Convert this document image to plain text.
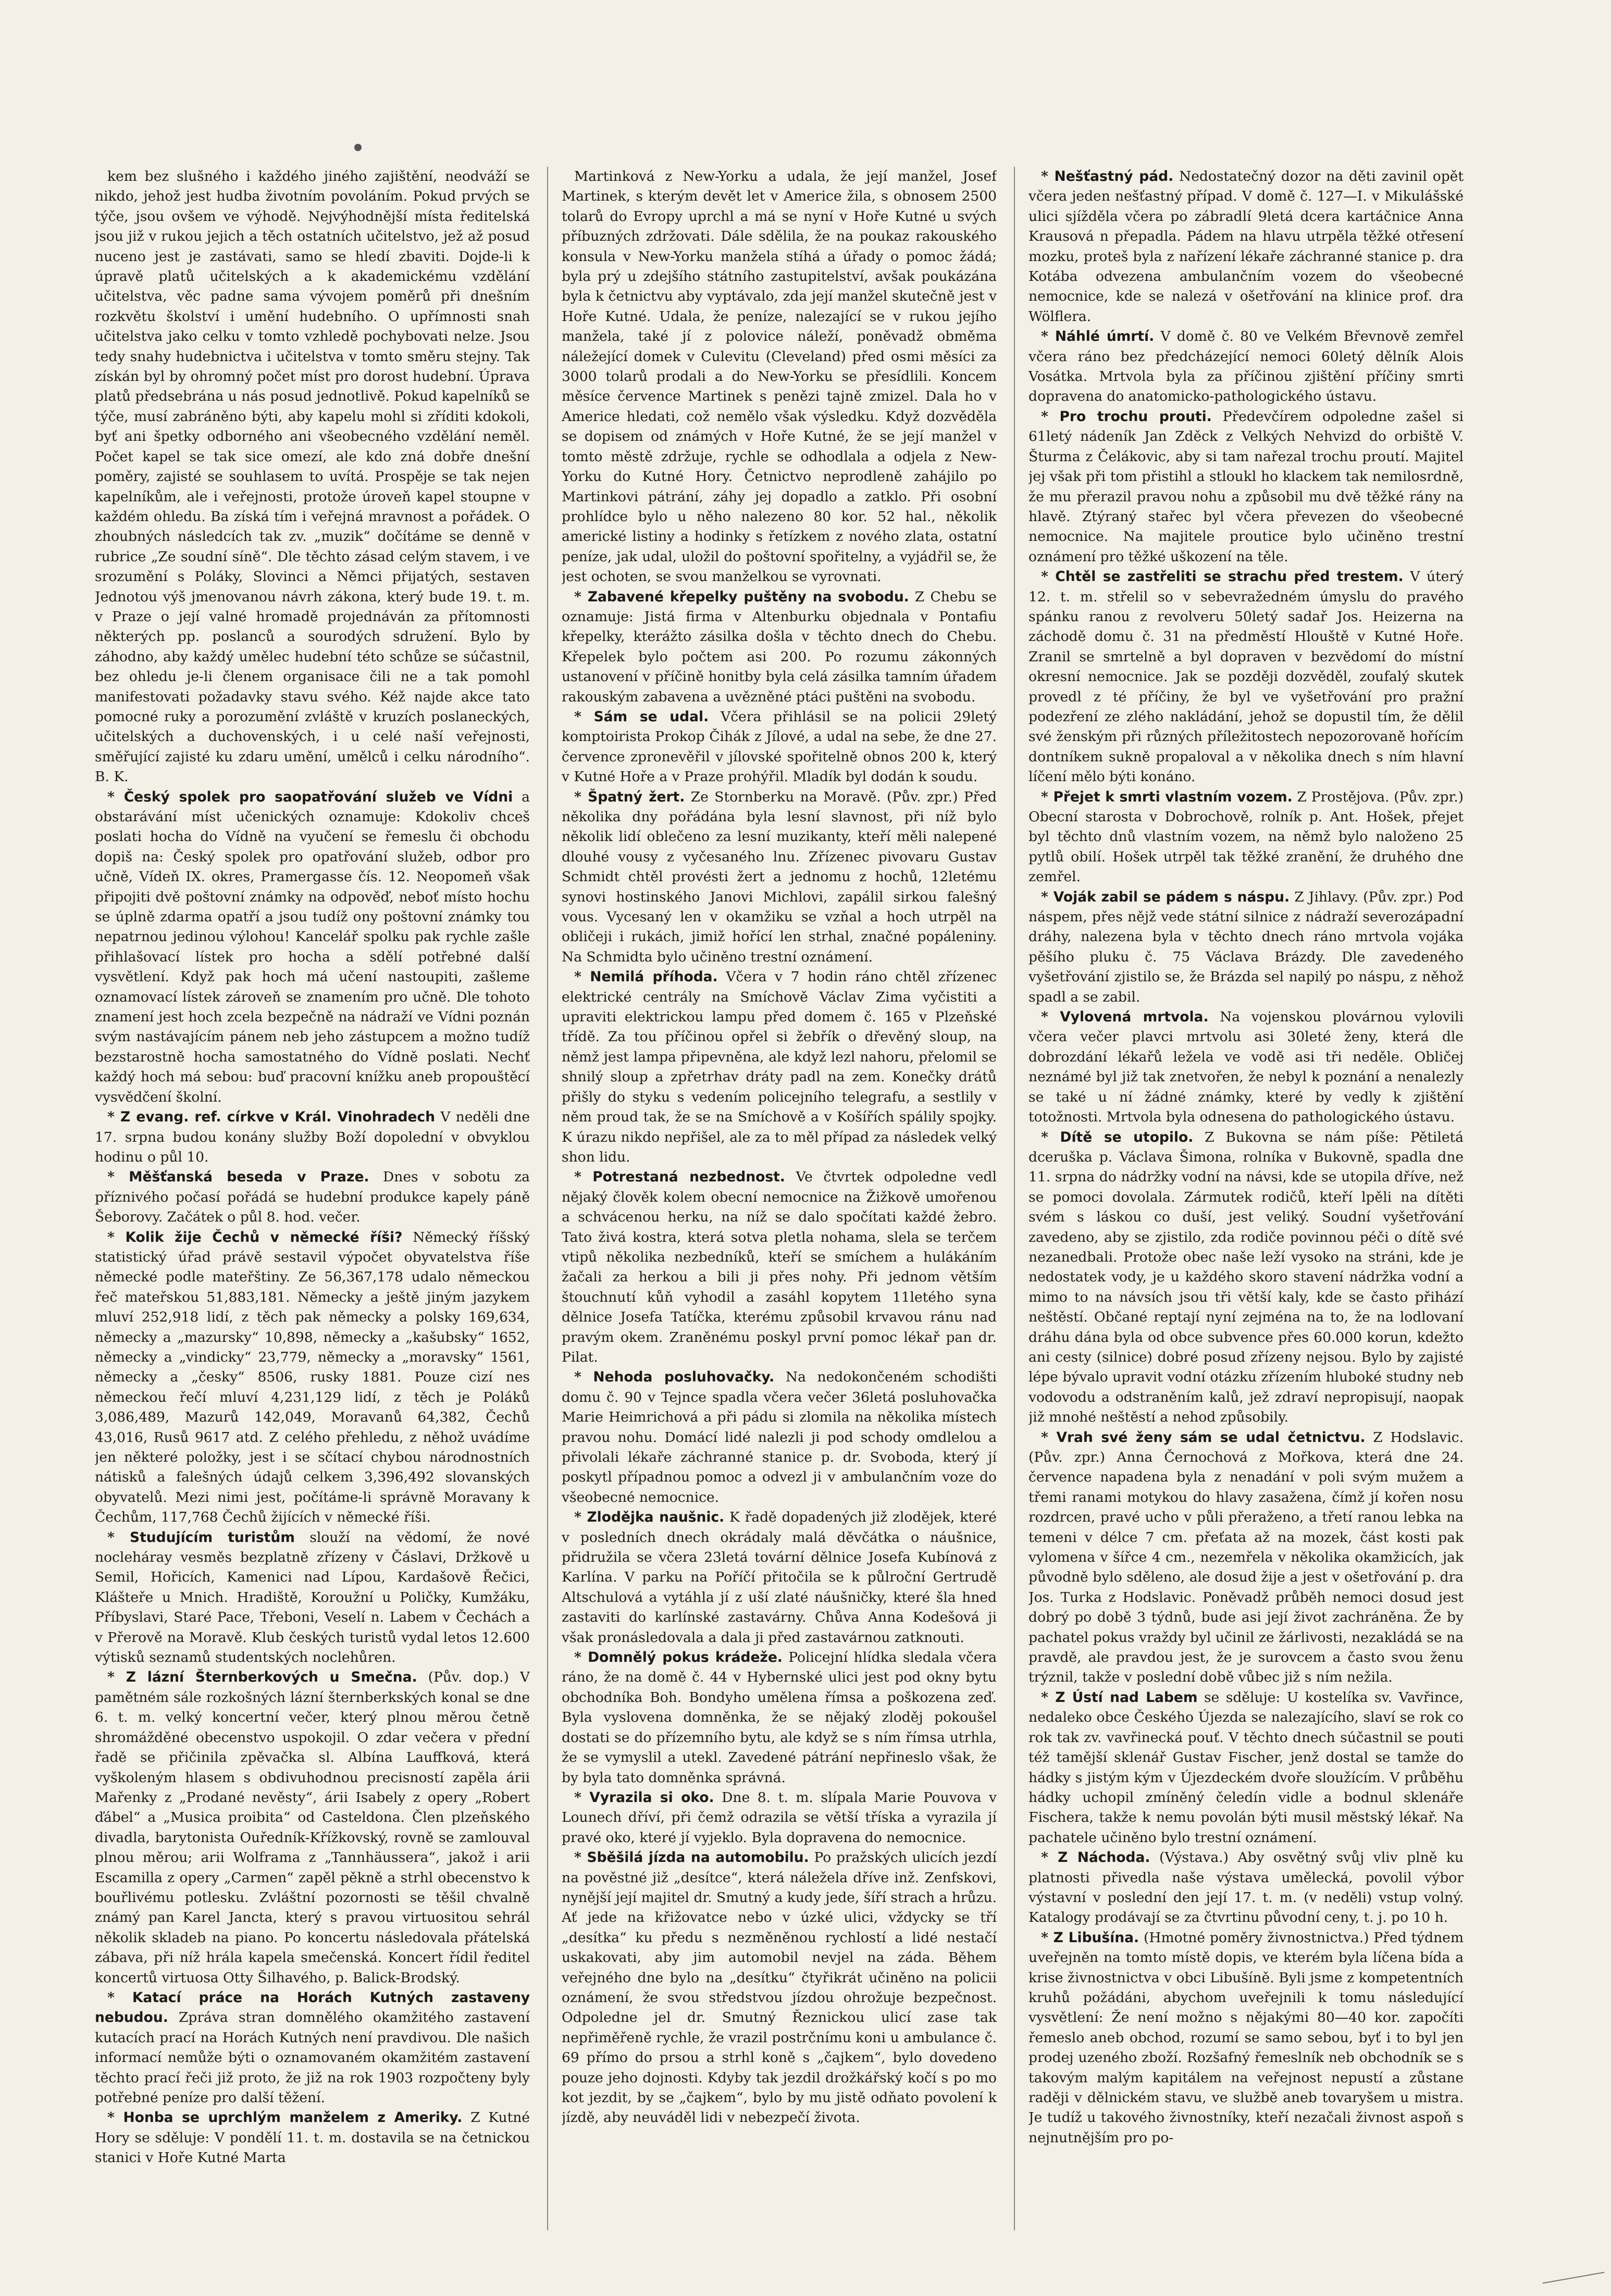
kem bez slušného i každého jiného zajištění, neodváží se nikdo, jehož jest hudba životním povoláním. Pokud prvých se týče, jsou ovšem ve výhodě. Nejvýhodnější místa ředitelská jsou již v rukou jejich a těch ostatních učitelstvo, jež až posud nuceno jest je zastávati, samo se hledí zbaviti. Dojde-li k úpravě platů učitelských a k akademickému vzdělání učitelstva, věc padne sama vývojem poměrů při dnešním rozkvětu školství i umění hudebního. O upřímnosti snah učitelstva jako celku v tomto vzhledě pochybovati nelze. Jsou tedy snahy hudebnictva i učitelstva v tomto směru stejny. Tak získán byl by ohromný počet míst pro dorost hudební. Úprava platů předsebrána u nás posud jednotlivě. Pokud kapelníků se týče, musí zabráněno býti, aby kapelu mohl si zříditi kdokoli, byť ani špetky odborného ani všeobecného vzdělání neměl. Počet kapel se tak sice omezí, ale kdo zná dobře dnešní poměry, zajisté se souhlasem to uvítá. Prospěje se tak nejen kapelníkům, ale i veřejnosti, protože úroveň kapel stoupne v každém ohledu. Ba získá tím i veřejná mravnost a pořádek. O zhoubných následcích tak zv. „muzik“ dočítáme se denně v rubrice „Ze soudní síně“. Dle těchto zásad celým stavem, i ve srozumění s Poláky, Slovinci a Němci přijatých, sestaven Jednotou výš jmenovanou návrh zákona, který bude 19. t. m. v Praze o její valné hromadě projednáván za přítomnosti některých pp. poslanců a sourodých sdružení. Bylo by záhodno, aby každý umělec hudební této schůze se súčastnil, bez ohledu je-li členem organisace čili ne a tak pomohl manifestovati požadavky stavu svého. Kéž najde akce tato pomocné ruky a porozumění zvláště v kruzích poslaneckých, učitelských a duchovenských, i u celé naší veřejnosti, směřující zajisté ku zdaru umění, umělců i celku národního“. B. K.

* Český spolek pro saopatřování služeb ve Vídni a obstarávání míst učenických oznamuje: Kdokoliv chceš poslati hocha do Vídně na vyučení se řemeslu či obchodu dopiš na: Český spolek pro opatřování služeb, odbor pro učně, Vídeň IX. okres, Pramergasse čís. 12. Neopomeň však připojiti dvě poštovní známky na odpověď, neboť místo hochu se úplně zdarma opatří a jsou tudíž ony poštovní známky tou nepatrnou jedinou výlohou! Kancelář spolku pak rychle zašle přihlašovací lístek pro hocha a sdělí potřebné další vysvětlení. Když pak hoch má učení nastoupiti, zašleme oznamovací lístek zároveň se znamením pro učně. Dle tohoto znamení jest hoch zcela bezpečně na nádraží ve Vídni poznán svým nastávajícím pánem neb jeho zástupcem a možno tudíž bezstarostně hocha samostatného do Vídně poslati. Nechť každý hoch má sebou: buď pracovní knížku aneb propouštěcí vysvědčení školní.

* Z evang. ref. církve v Král. Vinohradech V neděli dne 17. srpna budou konány služby Boží dopolední v obvyklou hodinu o půl 10.

* Měšťanská beseda v Praze. Dnes v sobotu za příznivého počasí pořádá se hudební produkce kapely páně Šeborovy. Začátek o půl 8. hod. večer.

* Kolik žije Čechů v německé říši? Německý říšský statistický úřad právě sestavil výpočet obyvatelstva říše německé podle mateřštiny. Ze 56,367,178 udalo německou řeč mateřskou 51,883,181. Německy a ještě jiným jazykem mluví 252,918 lidí, z těch pak německy a polsky 169,634, německy a „mazursky“ 10,898, německy a „kašubsky“ 1652, německy a „vindicky“ 23,779, německy a „moravsky“ 1561, německy a „česky“ 8506, rusky 1881. Pouze cizí nes německou řečí mluví 4,231,129 lidí, z těch je Poláků 3,086,489, Mazurů 142,049, Moravanů 64,382, Čechů 43,016, Rusů 9617 atd. Z celého přehledu, z něhož uvádíme jen některé položky, jest i se sčítací chybou národnostních nátisků a falešných údajů celkem 3,396,492 slovanských obyvatelů. Mezi nimi jest, počítáme-li správně Moravany k Čechům, 117,768 Čechů žijících v německé říši.

* Studujícím turistům slouží na vědomí, že nové nocleháray vesměs bezplatně zřízeny v Čáslavi, Držkově u Semil, Hořicích, Kamenici nad Lípou, Kardašově Řečici, Klášteře u Mnich. Hradiště, Koroužní u Poličky, Kumžáku, Příbyslavi, Staré Pace, Třeboni, Veselí n. Labem v Čechách a v Přerově na Moravě. Klub českých turistů vydal letos 12.600 výtisků seznamů studentských noclehůren.

* Z lázní Šternberkových u Smečna. (Pův. dop.) V pamětném sále rozkošných lázní šternberkských konal se dne 6. t. m. velký koncertní večer, který plnou měrou četně shromážděné obecenstvo uspokojil. O zdar večera v přední řadě se přičinila zpěvačka sl. Albína Lauffková, která vyškoleným hlasem s obdivuhodnou precisností zapěla árii Mařenky z „Prodané nevěsty“, árii Isabely z opery „Robert ďábel“ a „Musica proibita“ od Casteldona. Člen plzeňského divadla, barytonista Ouředník-Křížkovský, rovně se zamlouval plnou měrou; arii Wolframa z „Tannhäussera“, jakož i arii Escamilla z opery „Carmen“ zapěl pěkně a strhl obecenstvo k bouřlivému potlesku. Zvláštní pozornosti se těšil chvalně známý pan Karel Jancta, který s pravou virtuositou sehrál několik skladeb na piano. Po koncertu následovala přátelská zábava, při níž hrála kapela smečenská. Koncert řídil ředitel koncertů virtuosa Otty Šilhavého, p. Balick-Brodský.

* Katací práce na Horách Kutných zastaveny nebudou. Zpráva stran domnělého okamžitého zastavení kutacích prací na Horách Kutných není pravdivou. Dle našich informací nemůže býti o oznamovaném okamžitém zastavení těchto prací řeči již proto, že již na rok 1903 rozpočteny byly potřebné peníze pro další těžení.

* Honba se uprchlým manželem z Ameriky. Z Kutné Hory se sděluje: V pondělí 11. t. m. dostavila se na četnickou stanici v Hoře Kutné Marta

Martinková z New-Yorku a udala, že její manžel, Josef Martinek, s kterým devět let v Americe žila, s obnosem 2500 tolarů do Evropy uprchl a má se nyní v Hoře Kutné u svých příbuzných zdržovati. Dále sdělila, že na poukaz rakouského konsula v New-Yorku manžela stíhá a úřady o pomoc žádá; byla prý u zdejšího státního zastupitelství, avšak poukázána byla k četnictvu aby vyptávalo, zda její manžel skutečně jest v Hoře Kutné. Udala, že peníze, nalezající se v rukou jejího manžela, také jí z polovice náleží, poněvadž obměma náležející domek v Culevitu (Cleveland) před osmi měsíci za 3000 tolarů prodali a do New-Yorku se přesídlili. Koncem měsíce července Martinek s penězi tajně zmizel. Dala ho v Americe hledati, což nemělo však výsledku. Když dozvěděla se dopisem od známých v Hoře Kutné, že se její manžel v tomto městě zdržuje, rychle se odhodlala a odjela z New-Yorku do Kutné Hory. Četnictvo neprodleně zahájilo po Martinkovi pátrání, záhy jej dopadlo a zatklo. Při osobní prohlídce bylo u něho nalezeno 80 kor. 52 hal., několik americké listiny a hodinky s řetízkem z nového zlata, ostatní peníze, jak udal, uložil do poštovní spořitelny, a vyjádřil se, že jest ochoten, se svou manželkou se vyrovnati.

* Zabavené křepelky puštěny na svobodu. Z Chebu se oznamuje: Jistá firma v Altenburku objednala v Pontafiu křepelky, kterážto zásilka došla v těchto dnech do Chebu. Křepelek bylo počtem asi 200. Po rozumu zákonných ustanovení v příčině honitby byla celá zásilka tamním úřadem rakouským zabavena a uvězněné ptáci puštěni na svobodu.

* Sám se udal. Včera přihlásil se na policii 29letý komptoiristа Prokop Čihák z Jílové, a udal na sebe, že dne 27. července zpronevěřil v jílovské spořitelně obnos 200 k, který v Kutné Hoře a v Praze prohýřil. Mladík byl dodán k soudu.

* Špatný žert. Ze Stornberku na Moravě. (Pův. zpr.) Před několika dny pořádána byla lesní slavnost, při níž bylo několik lidí oblečeno za lesní muzikanty, kteří měli nalepené dlouhé vousy z vyčesaného lnu. Zřízenec pivovaru Gustav Schmidt chtěl provésti žert a jednomu z hochů, 12letému synovi hostinského Janovi Michlovi, zapálil sirkou falešný vous. Vycesaný len v okamžiku se vzňal a hoch utrpěl na obličeji i rukách, jimiž hořící len strhal, značné popáleniny. Na Schmidta bylo učiněno trestní oznámení.

* Nemilá příhoda. Včera v 7 hodin ráno chtěl zřízenec elektrické centrály na Smíchově Václav Zima vyčistiti a upraviti elektrickou lampu před domem č. 165 v Plzeňské třídě. Za tou příčinou opřel si žebřík o dřevěný sloup, na němž jest lampa připevněna, ale když lezl nahoru, přelomil se shnilý sloup a zpřetrhav dráty padl na zem. Konečky drátů přišly do styku s vedením policejního telegrafu, a sestlily v něm proud tak, že se na Smíchově a v Košířích spálily spojky. K úrazu nikdo nepřišel, ale za to měl případ za následek velký shon lidu.

* Potrestaná nezbednost. Ve čtvrtek odpoledne vedl nějaký člověk kolem obecní nemocnice na Žižkově umořenou a schvácenou herku, na níž se dalo spočítati každé žebro. Tato živá kostra, která sotva pletla nohama, slela se terčem vtipů několika nezbedníků, kteří se smíchem a hulákáním žačali za herkou a bili ji přes nohy. Při jednom větším štouchnutí kůň vyhodil a zasáhl kopytem 11letého syna dělnice Josefa Tatíčka, kterému způsobil krvavou ránu nad pravým okem. Zraněnému poskyl první pomoc lékař pan dr. Pilat.

* Nehoda posluhovačky. Na nedokončeném schodišti domu č. 90 v Tejnce spadla včera večer 36letá posluhovačka Marie Heimrichová a při pádu si zlomila na několika místech pravou nohu. Domácí lidé nalezli ji pod schody omdlelou a přivolali lékaře záchranné stanice p. dr. Svoboda, který jí poskytl případnou pomoc a odvezl ji v ambulančním voze do všeobecné nemocnice.

* Zlodějka naušnic. K řadě dopadených již zlodějek, které v posledních dnech okrádaly malá děvčátka o náušnice, přidružila se včera 23letá tovární dělnice Josefa Kubínová z Karlína. V parku na Poříčí přitočila se k půlroční Gertrudě Altschulová a vytáhla jí z uší zlaté náušničky, které šla hned zastaviti do karlínské zastavárny. Chůva Anna Kodešová ji však pronásledovala a dala ji před zastavárnou zatknouti.

* Domnělý pokus krádeže. Policejní hlídka sledala včera ráno, že na domě č. 44 v Hybernské ulici jest pod okny bytu obchodníka Boh. Bondyho umělena římsa a poškozena zeď. Byla vyslovena domněnka, že se nějaký zloděj pokoušel dostati se do přízemního bytu, ale když se s ním římsa utrhla, že se vymyslil a utekl. Zavedené pátrání nepřineslo však, že by byla tato domněnka správná.

* Vyrazila si oko. Dne 8. t. m. slípala Marie Pouvova v Lounech dříví, při čemž odrazila se větší tříska a vyrazila jí pravé oko, které jí vyjeklo. Byla dopravena do nemocnice.

* Sběšilá jízda na automobilu. Po pražských ulicích jezdí na pověstné již „desítce“, která náležela dříve inž. Zenfskovi, nynější její majitel dr. Smutný a kudy jede, šíří strach a hrůzu. Ať jede na křižovatce nebo v úzké ulici, vždycky se tří „desítka“ ku předu s nezměněnou rychlostí a lidé nestačí uskakovati, aby jim automobil nevjel na záda. Během veřejného dne bylo na „desítku“ čtyřikrát učiněno na policii oznámení, že svou středstvou jízdou ohrožuje bezpečnost. Odpoledne jel dr. Smutný Řeznickou ulicí zase tak nepřiměřeně rychle, že vrazil postrčnímu koni u ambulance č. 69 přímo do prsou a strhl koně s „čajkem“, bylo dovedeno pouze jeho dojnosti. Kdyby tak jezdil drožkářský kočí s po mo kot jezdit, by se „čajkem“, bylo by mu jistě odňato povolení k jízdě, aby neuváděl lidi v nebezpečí života.

* Nešťastný pád. Nedostatečný dozor na děti zavinil opět včera jeden nešťastný případ. V domě č. 127—I. v Mikulášské ulici sjíždělа včera po zábradlí 9letá dcera kartáčnice Anna Krausová n přepadla. Pádem na hlavu utrpěla těžké otřesení mozku, proteš byla z nařízení lékaře záchranné stanice p. dra Kotába odvezena ambulančním vozem do všeobecné nemocnice, kde se nalezá v ošetřování na klinice prof. dra Wölflera.

* Náhlé úmrtí. V domě č. 80 ve Velkém Břevnově zemřel včera ráno bez předcházející nemoci 60letý dělník Alois Vosátka. Mrtvola byla za příčinou zjištění příčiny smrti dopravena do anatomicko-pathologického ústavu.

* Pro trochu prouti. Předevčírem odpoledne zašel si 61letý nádeník Jan Zděck z Velkých Nehvizd do orbiště V. Šturma z Čelákovic, aby si tam nařezal trochu proutí. Majitel jej však při tom přistihl a stloukl ho klackem tak nemilosrdně, že mu přerazil pravou nohu a způsobil mu dvě těžké rány na hlavě. Ztýraný stařec byl včera převezen do všeobecné nemocnice. Na majitele proutice bylo učiněno trestní oznámení pro těžké uškození na těle.

* Chtěl se zastřeliti se strachu před trestem. V úterý 12. t. m. střelil so v sebevražedném úmyslu do pravého spánku ranou z revolveru 50letý sadař Jos. Heizerna na záchodě domu č. 31 na předměstí Hlouště v Kutné Hoře. Zranil se smrtelně a byl dopraven v bezvědomí do místní okresní nemocnice. Jak se později dozvěděl, zoufalý skutek provedl z té příčiny, že byl ve vyšetřování pro pražní podezření ze zlého nakládání, jehož se dopustil tím, že dělil své ženským při různých příležitostech nepozorovaně hořícím dontníkem sukně propaloval a v několika dnech s ním hlavní líčení mělo býti konáno.

* Přejet k smrti vlastním vozem. Z Prostějova. (Pův. zpr.) Obecní starosta v Dobrochově, rolník p. Ant. Hošek, přejet byl těchto dnů vlastním vozem, na němž bylo naloženo 25 pytlů obilí. Hošek utrpěl tak těžké zranění, že druhého dne zemřel.

* Voják zabil se pádem s náspu. Z Jihlavy. (Pův. zpr.) Pod náspem, přes nějž vede státní silnice z nádraží severozápadní dráhy, nalezena byla v těchto dnech ráno mrtvola vojáka pěšího pluku č. 75 Václava Brázdy. Dle zavedeného vyšetřování zjistilo se, že Brázda sel napilý po náspu, z něhož spadl a se zabil.

* Vylovená mrtvola. Na vojenskou plovárnou vylovili včera večer plavci mrtvolu asi 30leté ženy, která dle dobrozdání lékařů ležela ve vodě asi tři neděle. Obličej neznámé byl již tak znetvořen, že nebyl k poznání a nenalezly se také u ní žádné známky, které by vedly k zjištění totožnosti. Mrtvola byla odnesena do pathologického ústavu.

* Dítě se utopilo. Z Bukovna se nám píše: Pětiletá dceruška p. Václava Šimona, rolníka v Bukovně, spadla dne 11. srpna do nádržky vodní na návsi, kde se utopila dříve, než se pomoci dovolala. Zármutek rodičů, kteří lpěli na dítěti svém s láskou co duší, jest veliký. Soudní vyšetřování zavedeno, aby se zjistilo, zda rodiče povinnou péči o dítě své nezanedbali. Protože obec naše leží vysoko na stráni, kde je nedostatek vody, je u každého skoro stavení nádržka vodní a mimo to na návsích jsou tři větší kaly, kde se často přihází neštěstí. Občané reptají nyní zejména na to, že na lodlovaní dráhu dána byla od obce subvence přes 60.000 korun, kdežto ani cesty (silnice) dobré posud zřízeny nejsou. Bylo by zajisté lépe bývalo upravit vodní otázku zřízením hluboké studny neb vodovodu a odstraněním kalů, jež zdraví nepropisují, naopak již mnohé neštěstí a nehod způsobily.

* Vrah své ženy sám se udal četnictvu. Z Hodslavic. (Pův. zpr.) Anna Černochová z Mořkova, která dne 24. července napadena byla z nenadání v poli svým mužem a třemi ranami motykou do hlavy zasažena, čímž jí kořen nosu rozdrcen, pravé ucho v půli přeraženo, a třetí ranou lebka na temeni v délce 7 cm. přeťata až na mozek, část kosti pak vylomena v šířce 4 cm., nezemřela v několika okamžicích, jak původně bylo sděleno, ale dosud žije a jest v ošetřování p. dra Jos. Turka z Hodslavic. Poněvadž průběh nemoci dosud jest dobrý po době 3 týdnů, bude asi její život zachráněna. Že by pachatel pokus vraždy byl učinil ze žárlivosti, nezakládá se na pravdě, ale pravdou jest, že je surovcem a často svou ženu trýznil, takže v poslední době vůbec již s ním nežila.

* Z Ústí nad Labem se sděluje: U kostelíka sv. Vavřince, nedaleko obce Českého Újezda se nalezajícího, slaví se rok co rok tak zv. vavřinecká pouť. V těchto dnech súčastnil se pouti též tamější sklenář Gustav Fischer, jenž dostal se tamže do hádky s jistým kým v Újezdeckém dvoře sloužícím. V průběhu hádky uchopil zmíněný čeledín vidle a bodnul sklenáře Fischera, takže k nemu povolán býti musil městský lékař. Na pachatele učiněno bylo trestní oznámení.

* Z Náchoda. (Výstava.) Aby osvětný svůj vliv plně ku platnosti přivedla naše výstava umělecká, povolil výbor výstavní v poslední den její 17. t. m. (v neděli) vstup volný. Katalogy prodávají se za čtvrtinu původní ceny, t. j. po 10 h.

* Z Libušína. (Hmotné poměry živnostnictva.) Před týdnem uveřejněn na tomto místě dopis, ve kterém byla líčena bída a krise živnostnictva v obci Libušíně. Byli jsme z kompetentních kruhů požádáni, abychom uveřejnili k tomu následující vysvětlení: Že není možno s nějakými 80—40 kor. započíti řemeslo aneb obchod, rozumí se samo sebou, byť i to byl jen prodej uzeného zboží. Rozšafný řemeslník neb obchodník se s takovým malým kapitálem na veřejnost nepustí a zůstane raději v dělnickém stavu, ve službě aneb tovaryšem u mistra. Je tudíž u takového živnostníky, kteří nezačali živnost aspoň s nejnutnějším pro po-
